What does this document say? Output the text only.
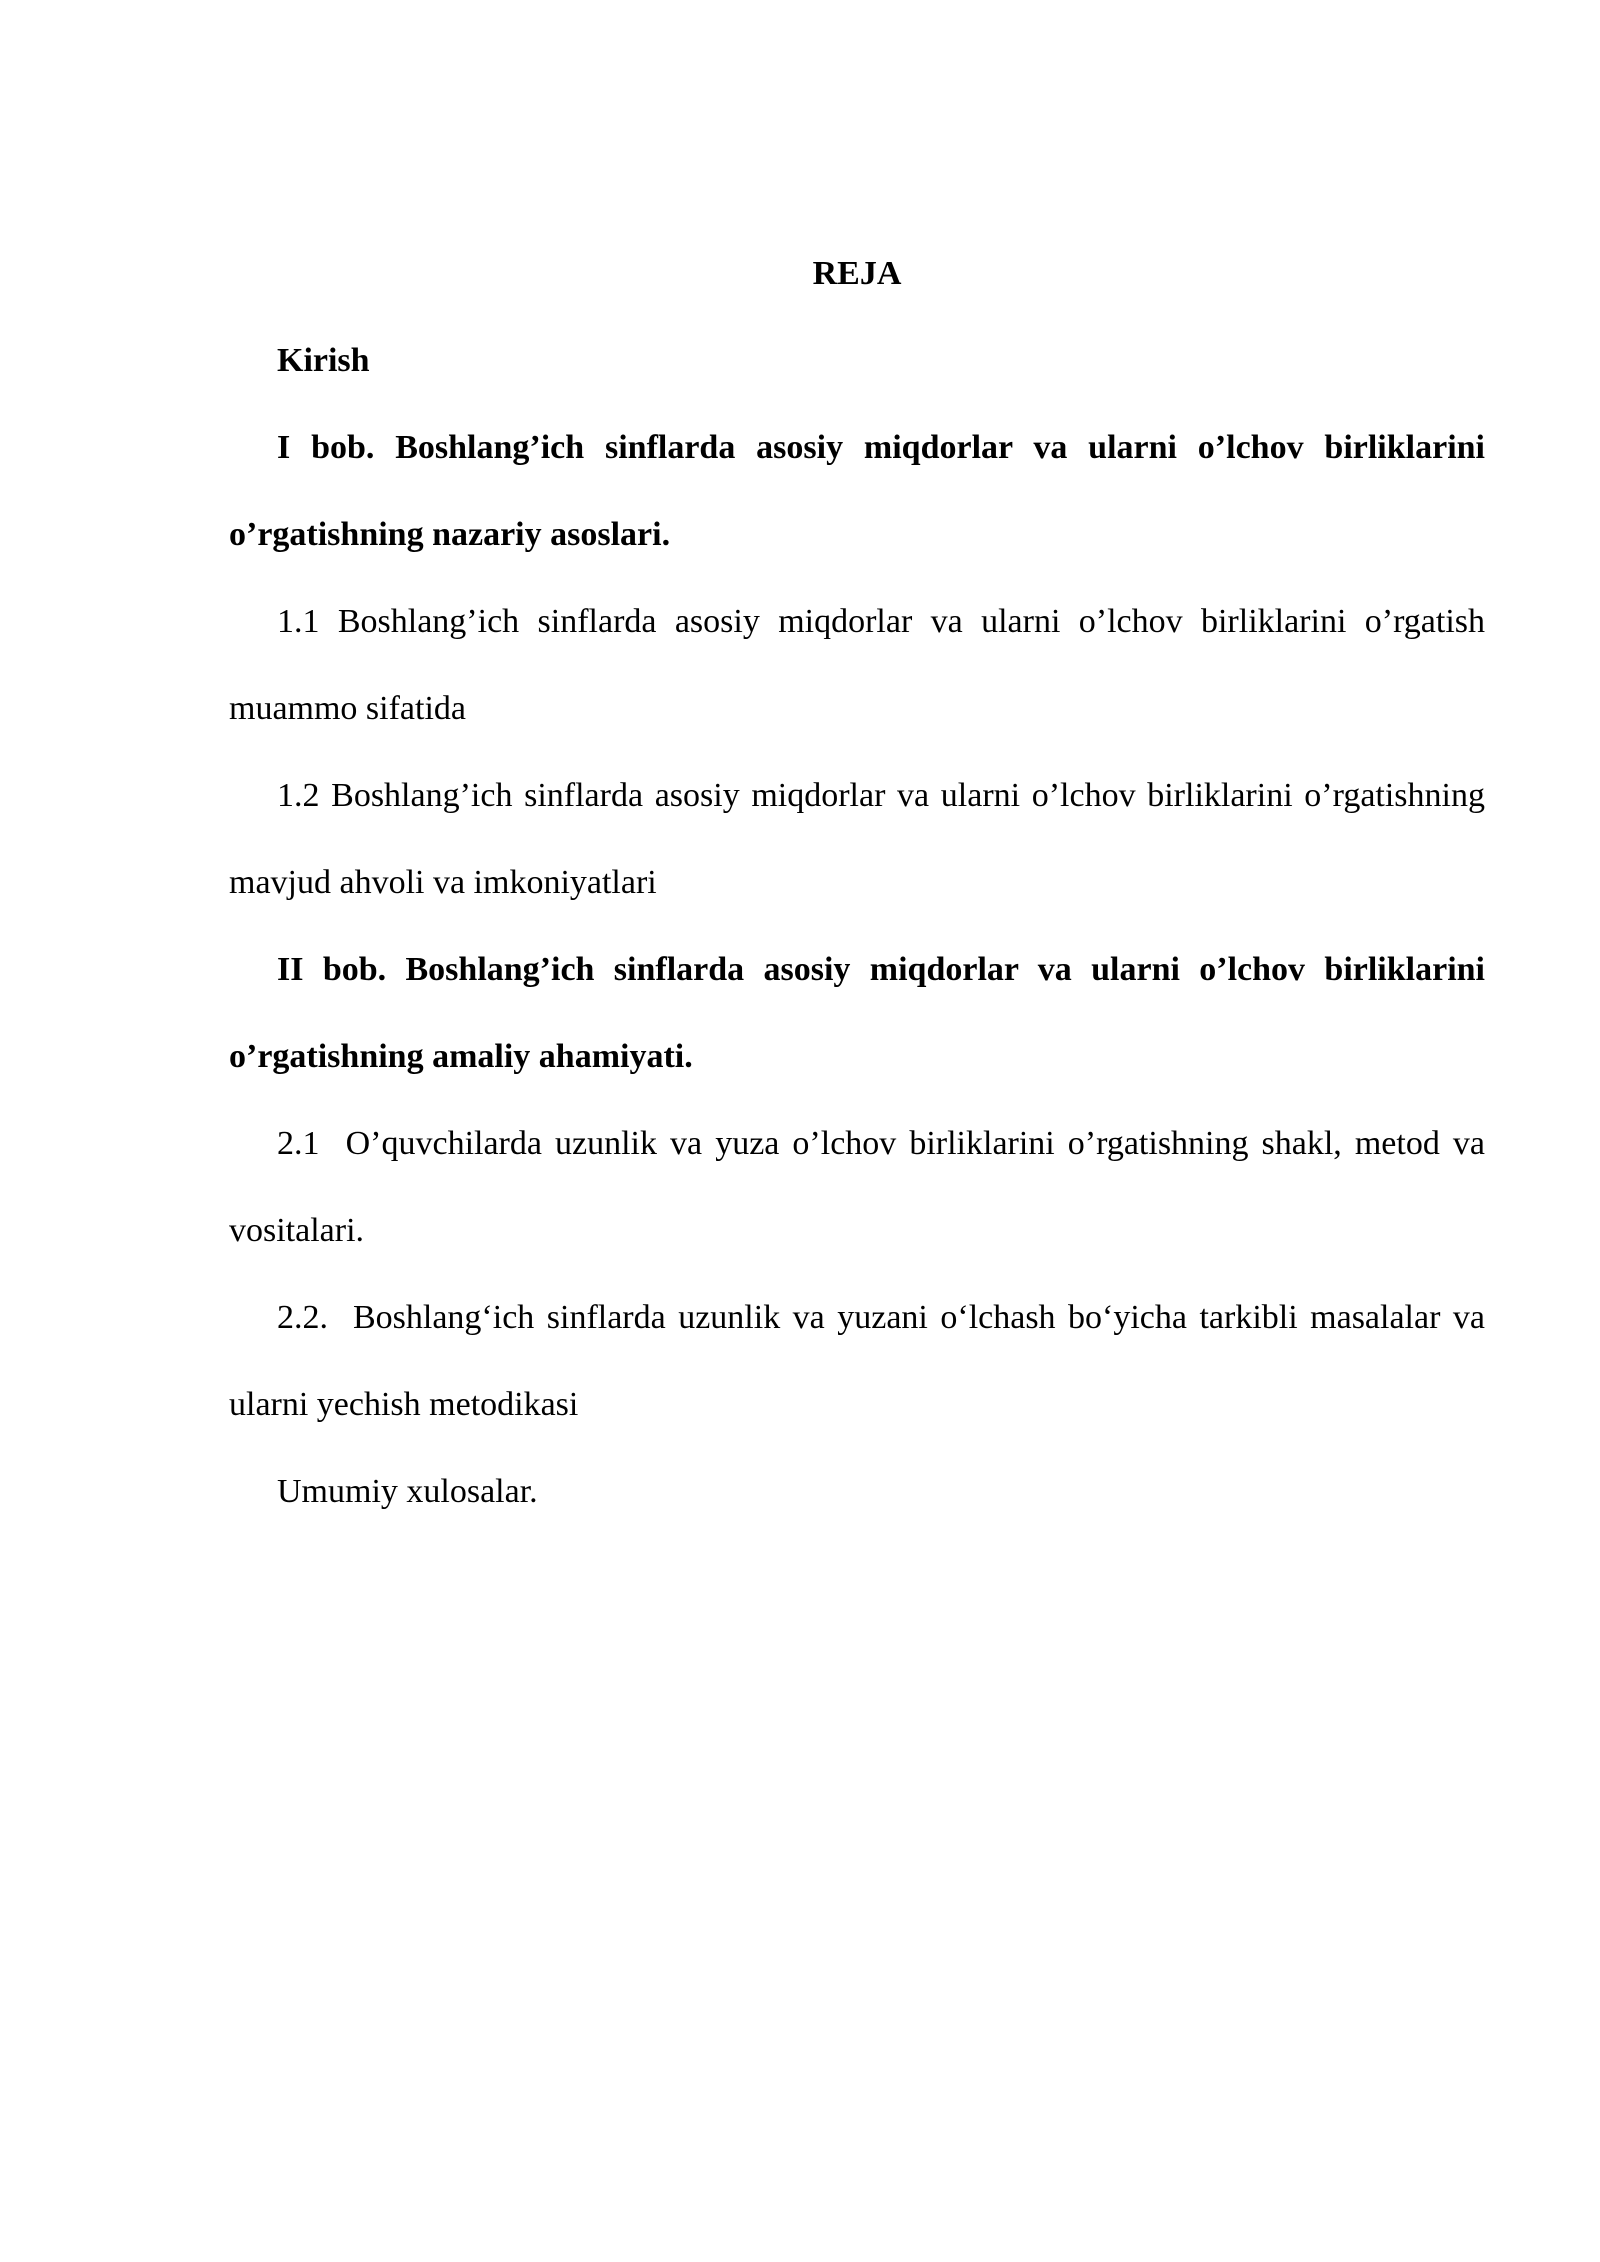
REJA

Kirish

I bob. Boshlang’ich sinflarda asosiy miqdorlar va ularni o’lchov birliklarini o’rgatishning nazariy asoslari.

1.1 Boshlang’ich sinflarda asosiy miqdorlar va ularni o’lchov birliklarini o’rgatish muammo sifatida

1.2 Boshlang’ich sinflarda asosiy miqdorlar va ularni o’lchov birliklarini o’rgatishning mavjud ahvoli va imkoniyatlari

II bob. Boshlang’ich sinflarda asosiy miqdorlar va ularni o’lchov birliklarini o’rgatishning amaliy ahamiyati.

2.1  O’quvchilarda uzunlik va yuza o’lchov birliklarini o’rgatishning shakl, metod va vositalari.

2.2.  Boshlang‘ich sinflarda uzunlik va yuzani o‘lchash bo‘yicha tarkibli masalalar va ularni yechish metodikasi

Umumiy xulosalar.
